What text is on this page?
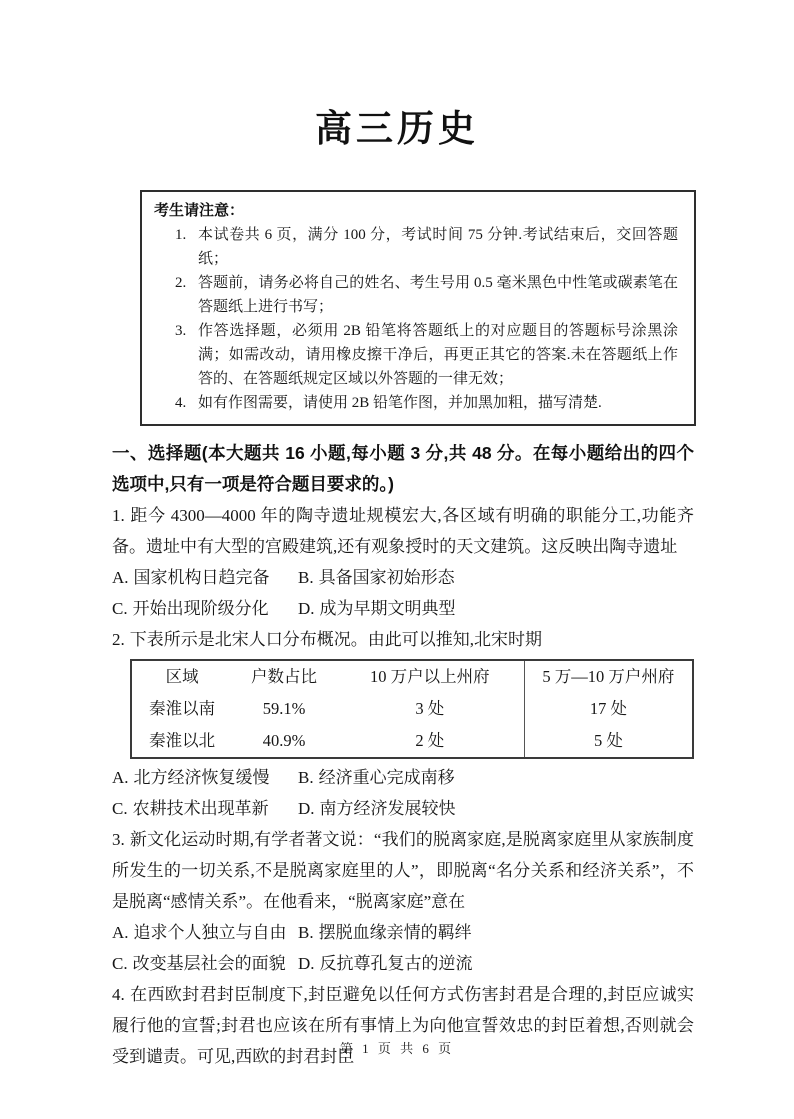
高三历史
考生请注意：
1. 本试卷共 6 页，满分 100 分，考试时间 75 分钟.考试结束后，交回答题纸；
2. 答题前，请务必将自己的姓名、考生号用 0.5 毫米黑色中性笔或碳素笔在答题纸上进行书写；
3. 作答选择题，必须用 2B 铅笔将答题纸上的对应题目的答题标号涂黑涂满；如需改动，请用橡皮擦干净后，再更正其它的答案.未在答题纸上作答的、在答题纸规定区域以外答题的一律无效；
4. 如有作图需要，请使用 2B 铅笔作图，并加黑加粗，描写清楚.
一、选择题(本大题共 16 小题,每小题 3 分,共 48 分。在每小题给出的四个选项中,只有一项是符合题目要求的。)

1. 距今 4300—4000 年的陶寺遗址规模宏大,各区域有明确的职能分工,功能齐备。遗址中有大型的宫殿建筑,还有观象授时的天文建筑。这反映出陶寺遗址

A. 国家机构日趋完备	B. 具备国家初始形态
C. 开始出现阶级分化	D. 成为早期文明典型

2. 下表所示是北宋人口分布概况。由此可以推知,北宋时期

区域	户数占比	10 万户以上州府	5 万—10 万户州府
秦淮以南	59.1%	3 处	17 处
秦淮以北	40.9%	2 处	5 处
A. 北方经济恢复缓慢	B. 经济重心完成南移
C. 农耕技术出现革新	D. 南方经济发展较快

3. 新文化运动时期,有学者著文说：“我们的脱离家庭,是脱离家庭里从家族制度所发生的一切关系,不是脱离家庭里的人”，即脱离“名分关系和经济关系”，不是脱离“感情关系”。在他看来，“脱离家庭”意在

A. 追求个人独立与自由 B. 摆脱血缘亲情的羁绊
C. 改变基层社会的面貌 D. 反抗尊孔复古的逆流

4. 在西欧封君封臣制度下,封臣避免以任何方式伤害封君是合理的,封臣应诚实履行他的宣誓;封君也应该在所有事情上为向他宣誓效忠的封臣着想,否则就会受到谴责。可见,西欧的封君封臣

第 1 页 共 6 页
